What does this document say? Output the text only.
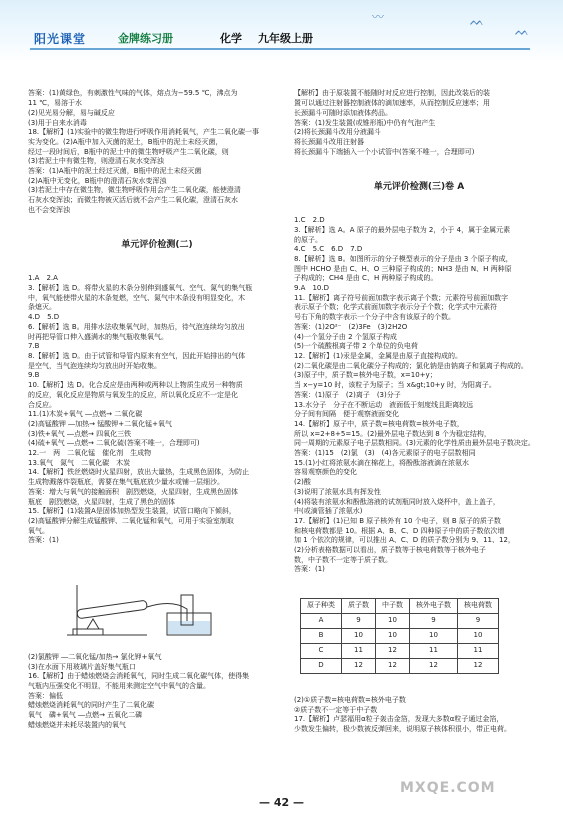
〰	ᨓ
ᨓ
阳光课堂	金牌练习册	化学 九年级上册

答案：(1)黄绿色，有刺激性气味的气体，熔点为−59.5 ℃，沸点为
11 ℃，易溶于水
(2)见光易分解，易与碱反应
(3)用于自来水消毒
18.【解析】(1)实验中的微生物进行呼吸作用消耗氧气，产生二氧化碳一事
实为变化。(2)A瓶中加入灭菌的泥土，B瓶中的泥土未经灭菌，
经过一段时间后，B瓶中的泥土中的微生物呼吸产生二氧化碳，则
(3)若泥土中有微生物，则澄清石灰水变浑浊
答案：(1)A瓶中的泥土经过灭菌，B瓶中的泥土未经灭菌
(2)A瓶中无变化，B瓶中的澄清石灰水变浑浊
(3)若泥土中存在微生物，微生物呼吸作用会产生二氧化碳，能使澄清
石灰水变浑浊；而微生物被灭活后就不会产生二氧化碳，澄清石灰水
也不会变浑浊

单元评价检测(二)

1.A　2.A
3.【解析】选 D。将带火星的木条分别伸到盛氧气、空气、氮气的集气瓶
中，氧气能使带火星的木条复燃，空气、氮气中木条没有明显变化，木
条熄灭。
4.D　5.D
6.【解析】选 B。用排水法收集氧气时，加热后，待气泡连续均匀放出
时再把导管口伸入盛满水的集气瓶收集氧气。
7.B
8.【解析】选 D。由于试管和导管内原来有空气，因此开始排出的气体
是空气，当气泡连续均匀放出时开始收集。
9.B
10.【解析】选 D。化合反应是由两种或两种以上物质生成另一种物质
的反应，氧化反应是物质与氧发生的反应，所以氧化反应不一定是化
合反应。
11.(1)木炭+氧气 ―点燃→ 二氧化碳
(2)高锰酸钾 ―加热→ 锰酸钾+二氧化锰+氧气
(3)铁+氧气 ―点燃→ 四氧化三铁
(4)硫+氧气 ―点燃→ 二氧化硫(答案不唯一，合理即可)
12.一　两　二氧化锰　催化剂　生成物
13.氧气　氮气　二氧化碳　木炭
14.【解析】铁丝燃烧时火星四射，放出大量热，生成黑色固体，为防止
生成物溅落炸裂瓶底，需要在集气瓶底放少量水或铺一层细沙。
答案：增大与氧气的接触面积　剧烈燃烧，火星四射，生成黑色固体
瓶底　剧烈燃烧，火星四射，生成了黑色的固体
15.【解析】(1)装置A是固体加热型发生装置，试管口略向下倾斜，
(2)高锰酸钾分解生成锰酸钾、二氧化锰和氧气，可用于实验室制取
氧气。
答案：(1)

(2)氯酸钾 ―二氧化锰/加热→ 氯化钾+氧气
(3)在水面下用玻璃片盖好集气瓶口
16.【解析】由于蜡烛燃烧会消耗氧气，同时生成二氧化碳气体，使得集
气瓶内压强变化不明显，不能用来测定空气中氧气的含量。
答案：偏低
蜡烛燃烧消耗氧气的同时产生了二氧化碳
氧气　磷+氧气 ―点燃→ 五氧化二磷
蜡烛燃烧并未耗尽装置内的氧气

【解析】由于原装置不能随时对反应进行控制，因此改装后的装
置可以通过注射器控制液体的滴加速率，从而控制反应速率；用
长颈漏斗可随时添加液体药品。
答案：(1)发生装置(或锥形瓶)中仍有气泡产生
(2)将长颈漏斗改用分液漏斗
将长颈漏斗改用注射器
将长颈漏斗下端插入一个小试管中(答案不唯一，合理即可)

单元评价检测(三)卷 A

1.C　2.D
3.【解析】选 A。A 原子的最外层电子数为 2，小于 4，属于金属元素
的原子。
4.C　5.C　6.D　7.D
8.【解析】选 B。如图所示的分子模型表示的分子是由 3 个原子构成，
图中 HCHO 是由 C、H、O 三种原子构成的；NH3 是由 N、H 两种原
子构成的；CH4 是由 C、H 两种原子构成的。
9.A　10.D
11.【解析】离子符号前面加数字表示离子个数；元素符号前面加数字
表示原子个数；化学式前面加数字表示分子个数；化学式中元素符
号右下角的数字表示一个分子中含有该原子的个数。
答案：(1)2O²⁻　(2)3Fe　(3)2H2O
(4)一个氢分子由 2 个氢原子构成
(5)一个硫酸根离子带 2 个单位的负电荷
12.【解析】(1)汞是金属，金属是由原子直接构成的。
(2)二氧化碳是由二氧化碳分子构成的；氯化钠是由钠离子和氯离子构成的。
(3)原子中，质子数=核外电子数，x=10+y；
当 x−y=10 时，该粒子为原子；当 x&gt;10+y 时，为阳离子。
答案：(1)原子　(2)离子　(3)分子
13.水分子　分子在不断运动　液面低于刻度线且距离较远
分子间有间隔　便于观察液面变化
14.【解析】原子中，质子数=核电荷数=核外电子数，
所以 x=2+8+5=15。(2)最外层电子数达到 8 个为稳定结构，
同一周期的元素原子电子层数相同。(3)元素的化学性质由最外层电子数决定。
答案：(1)15　(2)氯　(3)　(4)各元素原子的电子层数相同
15.(1)小红将浓氨水滴在棉花上，将酚酞溶液滴在浓氨水
容易观察颜色的变化
(2)酸
(3)说明了浓氨水具有挥发性
(4)将装有浓氨水和酚酞溶液的试剂瓶同时放入烧杯中，盖上盖子，
中(或滴管插了浓氨水)
17.【解析】(1)已知 B 原子核外有 10 个电子，则 B 原子的质子数
和核电荷数都是 10。根据 A、B、C、D 四种原子中的质子数依次增
加 1 个依次的规律，可以推出 A、C、D 的质子数分别为 9、11、12，
(2)分析表格数据可以看出，质子数等于核电荷数等于核外电子
数，中子数不一定等于质子数。
答案：(1)

原子种类	质子数	中子数	核外电子数	核电荷数
A	9	10	9	9
B	10	10	10	10
C	11	12	11	11
D	12	12	12	12

(2)①质子数=核电荷数=核外电子数
②质子数不一定等于中子数
17.【解析】卢瑟福用α粒子轰击金箔，发现大多数α粒子通过金箔，
少数发生偏转，极少数被反弹回来，说明原子核体积很小，带正电荷。

— 42 —
MXQE.COM
